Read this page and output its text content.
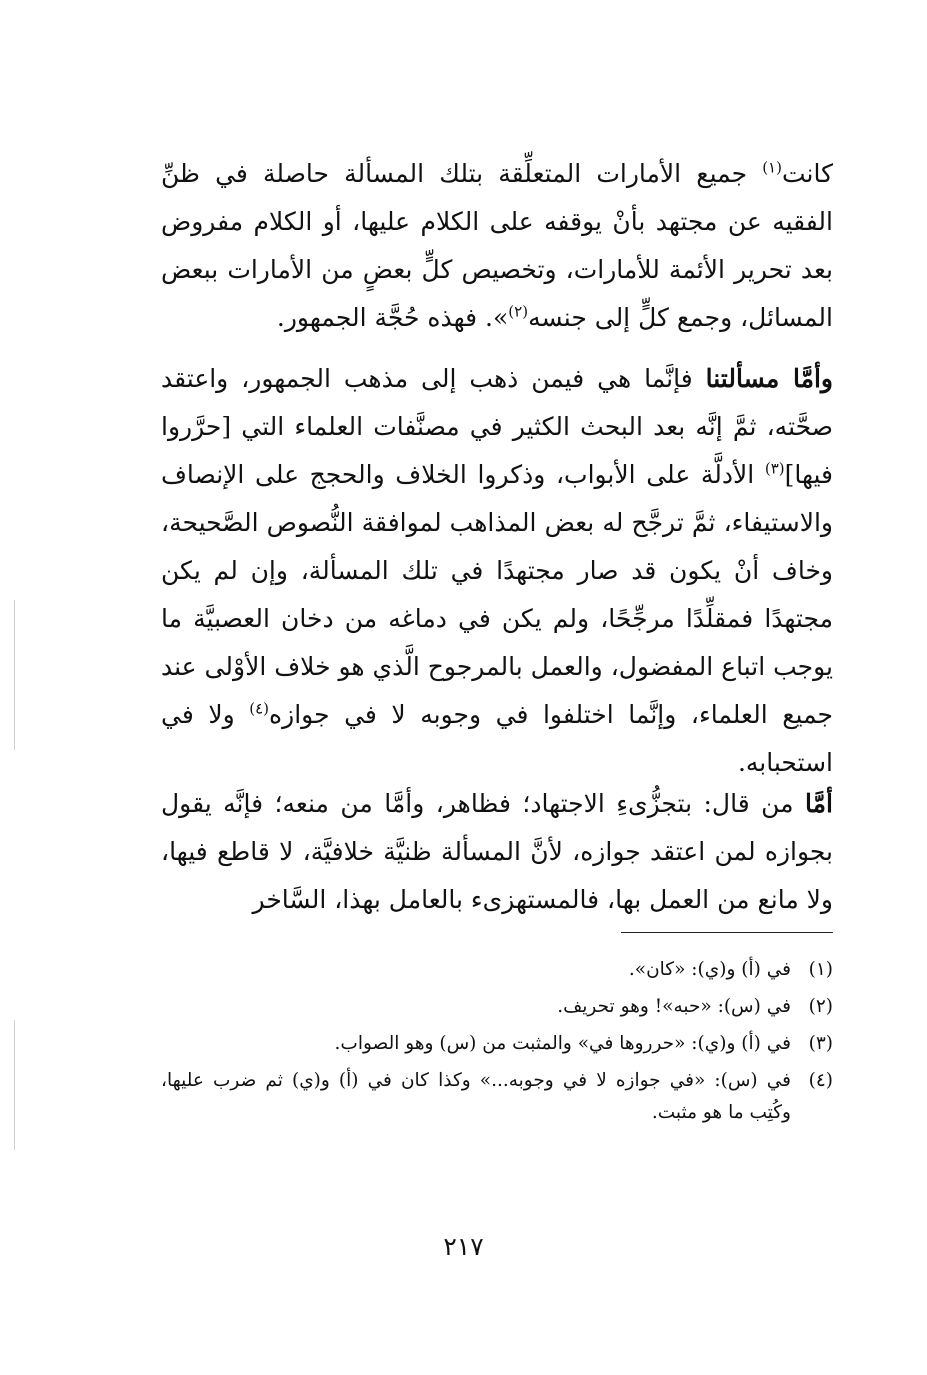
كانت$^{(١)}$ جميع الأمارات المتعلِّقة بتلك المسألة حاصلة في ظنِّ الفقيه عن مجتهد بأنْ يوقفه على الكلام عليها، أو الكلام مفروض بعد تحرير الأئمة للأمارات، وتخصيص كلٍّ بعضٍ من الأمارات ببعض المسائل، وجمع كلٍّ إلى جنسه$^{(٢)}$». فهذه حُجَّة الجمهور.

وأمَّا مسألتنا فإنَّما هي فيمن ذهب إلى مذهب الجمهور، واعتقد صحَّته، ثمَّ إنَّه بعد البحث الكثير في مصنَّفات العلماء التي [حرَّروا فيها]$^{(٣)}$ الأدلَّة على الأبواب، وذكروا الخلاف والحجج على الإنصاف والاستيفاء، ثمَّ ترجَّح له بعض المذاهب لموافقة النُّصوص الصَّحيحة، وخاف أنْ يكون قد صار مجتهدًا في تلك المسألة، وإن لم يكن مجتهدًا فمقلِّدًا مرجِّحًا، ولم يكن في دماغه من دخان العصبيَّة ما يوجب اتباع المفضول، والعمل بالمرجوح الَّذي هو خلاف الأوْلى عند جميع العلماء، وإنَّما اختلفوا في وجوبه لا في جوازه$^{(٤)}$ ولا في استحبابه.

أمَّا من قال: بتجزُّىءِ الاجتهاد؛ فظاهر، وأمَّا من منعه؛ فإنَّه يقول بجوازه لمن اعتقد جوازه، لأنَّ المسألة ظنيَّة خلافيَّة، لا قاطع فيها، ولا مانع من العمل بها، فالمستهزىء بالعامل بهذا، السَّاخر

(١)
في (أ) و(ي): «كان».
(٢)
في (س): «حبه»! وهو تحريف.
(٣)
في (أ) و(ي): «حرروها في» والمثبت من (س) وهو الصواب.
(٤)
في (س): «في جوازه لا في وجوبه...» وكذا كان في (أ) و(ي) ثم ضرب عليها، وكُتِب ما هو مثبت.
٢١٧
